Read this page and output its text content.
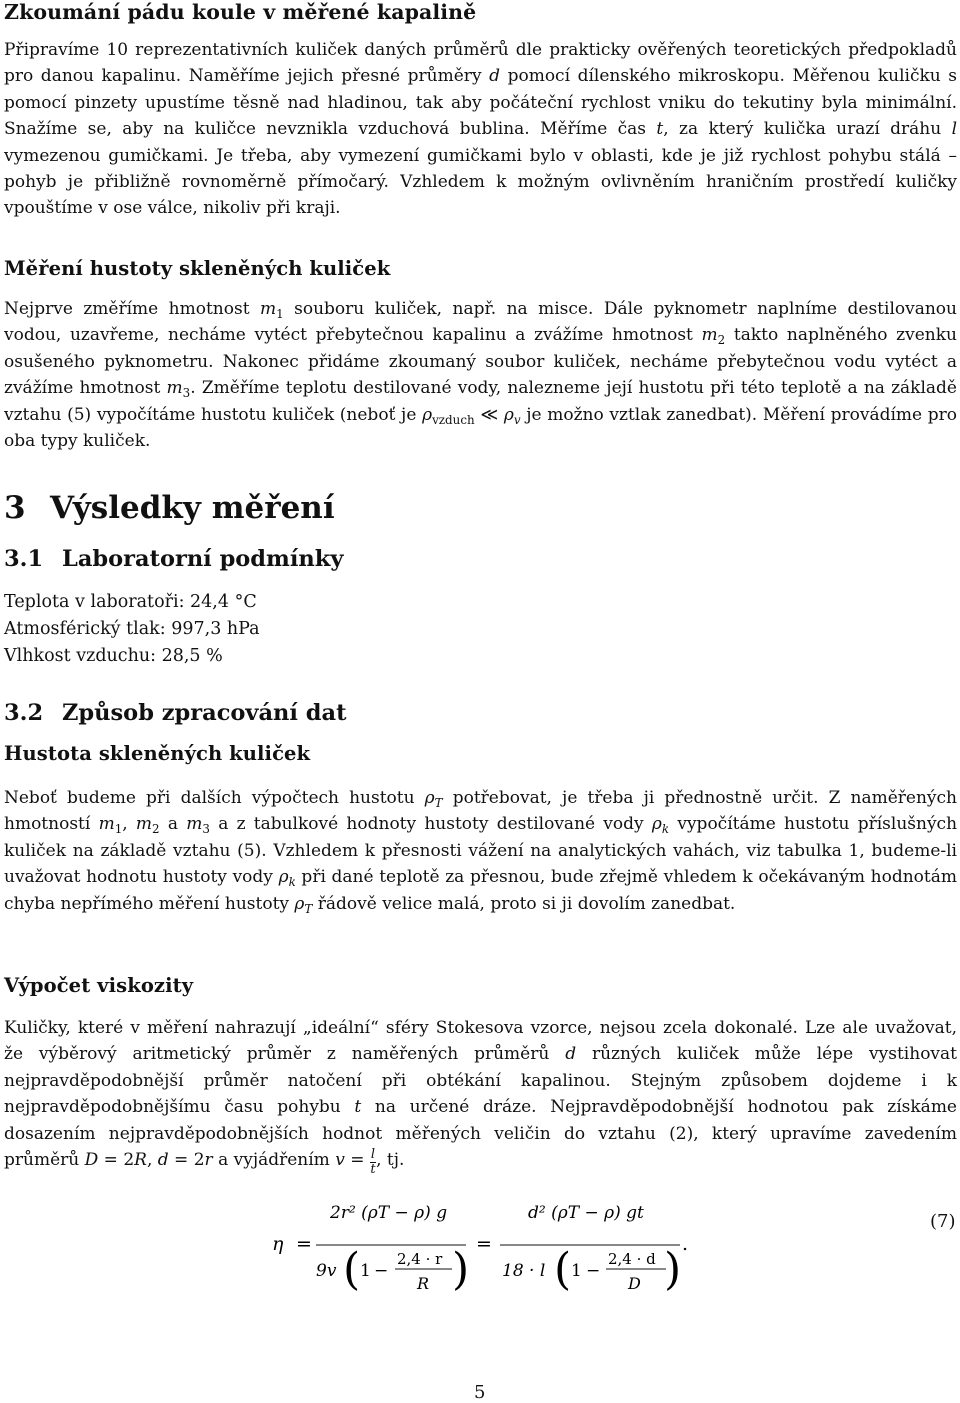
Zkoumání pádu koule v měřené kapalině
Připravíme 10 reprezentativních kuliček daných průměrů dle prakticky ověřených teoretických předpokladů pro danou kapalinu. Naměříme jejich přesné průměry d pomocí dílenského mikroskopu. Měřenou kuličku s pomocí pinzety upustíme těsně nad hladinou, tak aby počáteční rychlost vniku do tekutiny byla minimální. Snažíme se, aby na kuličce nevznikla vzduchová bublina. Měříme čas t, za který kulička urazí dráhu l vymezenou gumičkami. Je třeba, aby vymezení gumičkami bylo v oblasti, kde je již rychlost pohybu stálá – pohyb je přibližně rovnoměrně přímočarý. Vzhledem k možným ovlivněním hraničním prostředí kuličky vpouštíme v ose válce, nikoliv při kraji.
Měření hustoty skleněných kuliček
Nejprve změříme hmotnost $m_1$ souboru kuliček, např. na misce. Dále pyknometr naplníme destilovanou vodou, uzavřeme, necháme vytéct přebytečnou kapalinu a zvážíme hmotnost $m_2$ takto naplněného zvenku osušeného pyknometru. Nakonec přidáme zkoumaný soubor kuliček, necháme přebytečnou vodu vytéct a zvážíme hmotnost $m_3$. Změříme teplotu destilované vody, nalezneme její hustotu při této teplotě a na základě vztahu (5) vypočítáme hustotu kuliček (neboť je $\rho_{vzduch}$ ≪ $\rho_v$ je možno vztlak zanedbat). Měření provádíme pro oba typy kuliček.
3 Výsledky měření
3.1 Laboratorní podmínky
Teplota v laboratoři: 24,4 °C
Atmosférický tlak: 997,3 hPa
Vlhkost vzduchu: 28,5 %
3.2 Způsob zpracování dat
Hustota skleněných kuliček
Neboť budeme při dalších výpočtech hustotu $\rho_T$ potřebovat, je třeba ji přednostně určit. Z naměřených hmotností $m_1$, $m_2$ a $m_3$ a z tabulkové hodnoty hustoty destilované vody $\rho_k$ vypočítáme hustotu příslušných kuliček na základě vztahu (5). Vzhledem k přesnosti vážení na analytických vahách, viz tabulka 1, budeme-li uvažovat hodnotu hustoty vody $\rho_k$ při dané teplotě za přesnou, bude zřejmě vhledem k očekávaným hodnotám chyba nepřímého měření hustoty $\rho_T$ řádově velice malá, proto si ji dovolím zanedbat.
Výpočet viskozity
Kuličky, které v měření nahrazují „ideální“ sféry Stokesova vzorce, nejsou zcela dokonalé. Lze ale uvažovat, že výběrový aritmetický průměr z naměřených průměrů d různých kuliček může lépe vystihovat nejpravděpodobnější průměr natočení při obtékání kapalinou. Stejným způsobem dojdeme i k nejpravděpodobnějšímu času pohybu t na určené dráze. Nejpravděpodobnější hodnotou pak získáme dosazením nejpravděpodobnějších hodnot měřených veličin do vztahu (2), který upravíme zavedením průměrů D = 2R, d = 2r a vyjádřením $v = \frac{l}{t}$ , tj.
η =
2r² (ρT − ρ) g
9v ( 1 −
2,4 · r
R ) =
d² (ρT − ρ) gt
18 · l ( 1 −
2,4 · d
D ) .
(7)
5
